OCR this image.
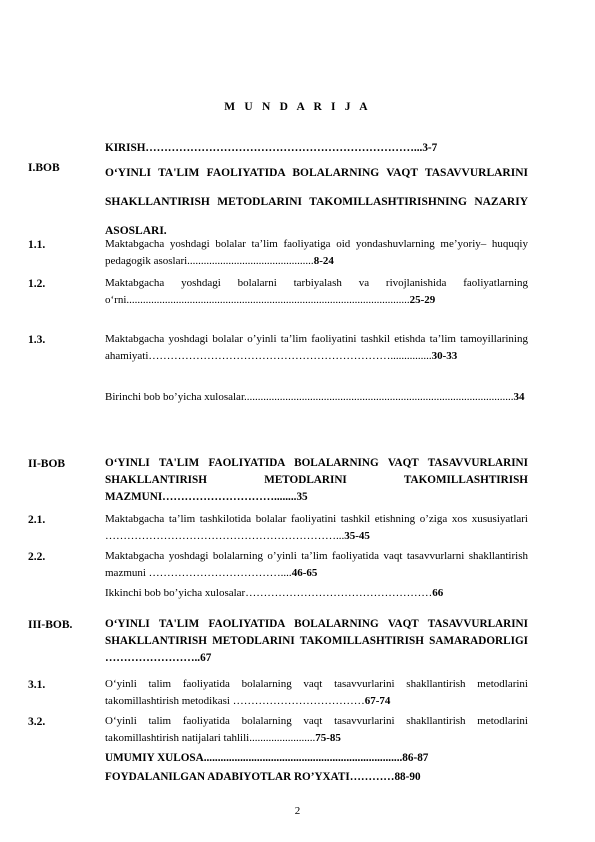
M U N D A R I J A
KIRISH………………………………………………………………...3-7
I.BOB	O‘YINLI TA'LIM FAOLIYATIDA BOLALARNING VAQT TASAVVURLARINI SHAKLLANTIRISH METODLARINI TAKOMILLASHTIRISHNING NAZARIY ASOSLARI.
1.1.	Maktabgacha yoshdagi bolalar ta’lim faoliyatiga oid yondashuvlarning me’yoriy– huquqiy pedagogik asoslari..............................................8-24
1.2.	Maktabgacha yoshdagi bolalarni tarbiyalash va rivojlanishida faoliyatlarning o‘rni.......................................................................................................25-29
1.3.	Maktabgacha yoshdagi bolalar o’yinli ta’lim faoliyatini tashkil etishda ta’lim tamoyillarining ahamiyati…………………………………………………………...............30-33
Birinchi bob bo’yicha xulosalar..................................................................................................34
II-BOB	O‘YINLI TA'LIM FAOLIYATIDA BOLALARNING VAQT TASAVVURLARINI SHAKLLANTIRISH METODLARINI TAKOMILLASHTIRISH MAZMUNI…………………………........35
2.1.	Maktabgacha ta’lim tashkilotida bolalar faoliyatini tashkil etishning o’ziga xos xususiyatlari ………………………………………………………...35-45
2.2.	Maktabgacha yoshdagi bolalarning o’yinli ta’lim faoliyatida vaqt tasavvurlarni shakllantirish mazmuni ………………………………....46-65
Ikkinchi bob bo’yicha xulosalar……………………………………………66
III-BOB.	O‘YINLI TA'LIM FAOLIYATIDA BOLALARNING VAQT TASAVVURLARINI SHAKLLANTIRISH METODLARINI TAKOMILLASHTIRISH SAMARADORLIGI ……………………..67
3.1.	O‘yinli talim faoliyatida bolalarning vaqt tasavvurlarini shakllantirish metodlarini takomillashtirish metodikasi ………………………………67-74
3.2.	O‘yinli talim faoliyatida bolalarning vaqt tasavvurlarini shakllantirish metodlarini takomillashtirish natijalari tahlili........................75-85
UMUMIY XULOSA.......................................................................86-87
FOYDALANILGAN ADABIYOTLAR RO’YXATI…………88-90
2
